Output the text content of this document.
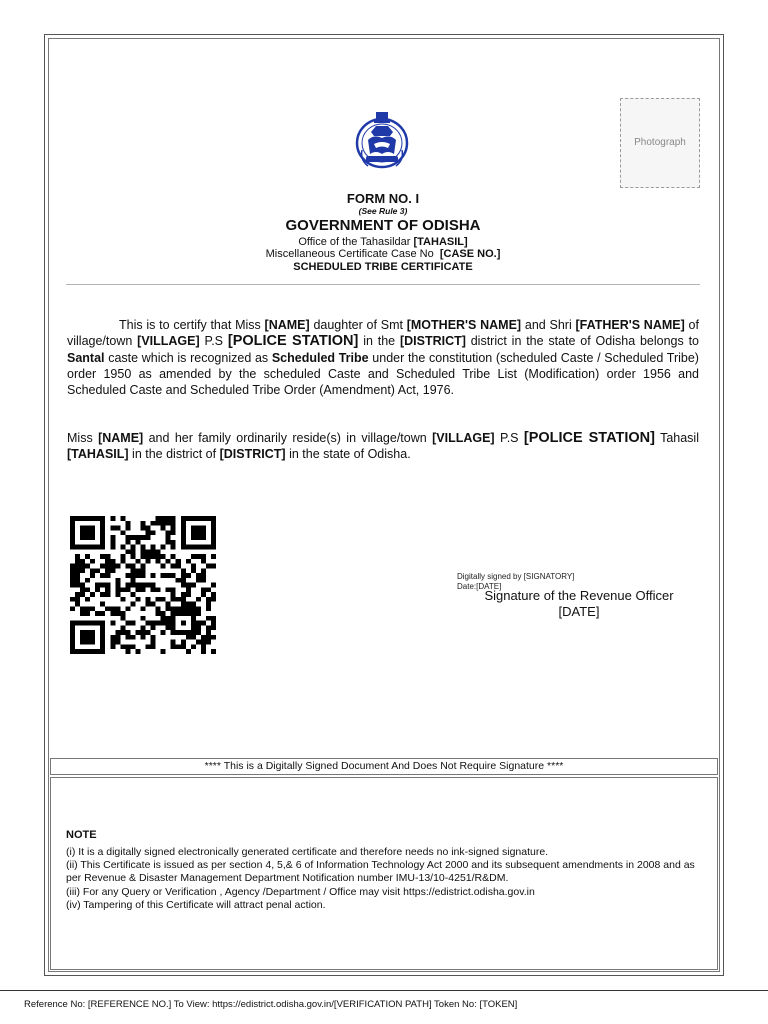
Photograph
FORM NO. I
(See Rule 3)
GOVERNMENT OF ODISHA
Office of the Tahasildar [TAHASIL]
Miscellaneous Certificate Case No [CASE NO.]
SCHEDULED TRIBE CERTIFICATE

This is to certify that Miss [NAME] daughter of Smt [MOTHER'S NAME] and Shri [FATHER'S NAME] of village/town [VILLAGE] P.S [POLICE STATION] in the [DISTRICT] district in the state of Odisha belongs to Santal caste which is recognized as Scheduled Tribe under the constitution (scheduled Caste / Scheduled Tribe) order 1950 as amended by the scheduled Caste and Scheduled Tribe List (Modification) order 1956 and Scheduled Caste and Scheduled Tribe Order (Amendment) Act, 1976.

Miss [NAME] and her family ordinarily reside(s) in village/town [VILLAGE] P.S [POLICE STATION] Tahasil [TAHASIL] in the district of [DISTRICT] in the state of Odisha.

Digitally signed by [SIGNATORY]
Date:[DATE]
Signature of the Revenue Officer
[DATE]
**** This is a Digitally Signed Document And Does Not Require Signature ****
NOTE
(i) It is a digitally signed electronically generated certificate and therefore needs no ink-signed signature.
(ii) This Certificate is issued as per section 4, 5,& 6 of Information Technology Act 2000 and its subsequent amendments in 2008 and as per Revenue & Disaster Management Department Notification number IMU-13/10-4251/R&DM.
(iii) For any Query or Verification , Agency /Department / Office may visit https://edistrict.odisha.gov.in
(iv) Tampering of this Certificate will attract penal action.
Reference No: [REFERENCE NO.] To View: https://edistrict.odisha.gov.in/[VERIFICATION PATH] Token No: [TOKEN]
